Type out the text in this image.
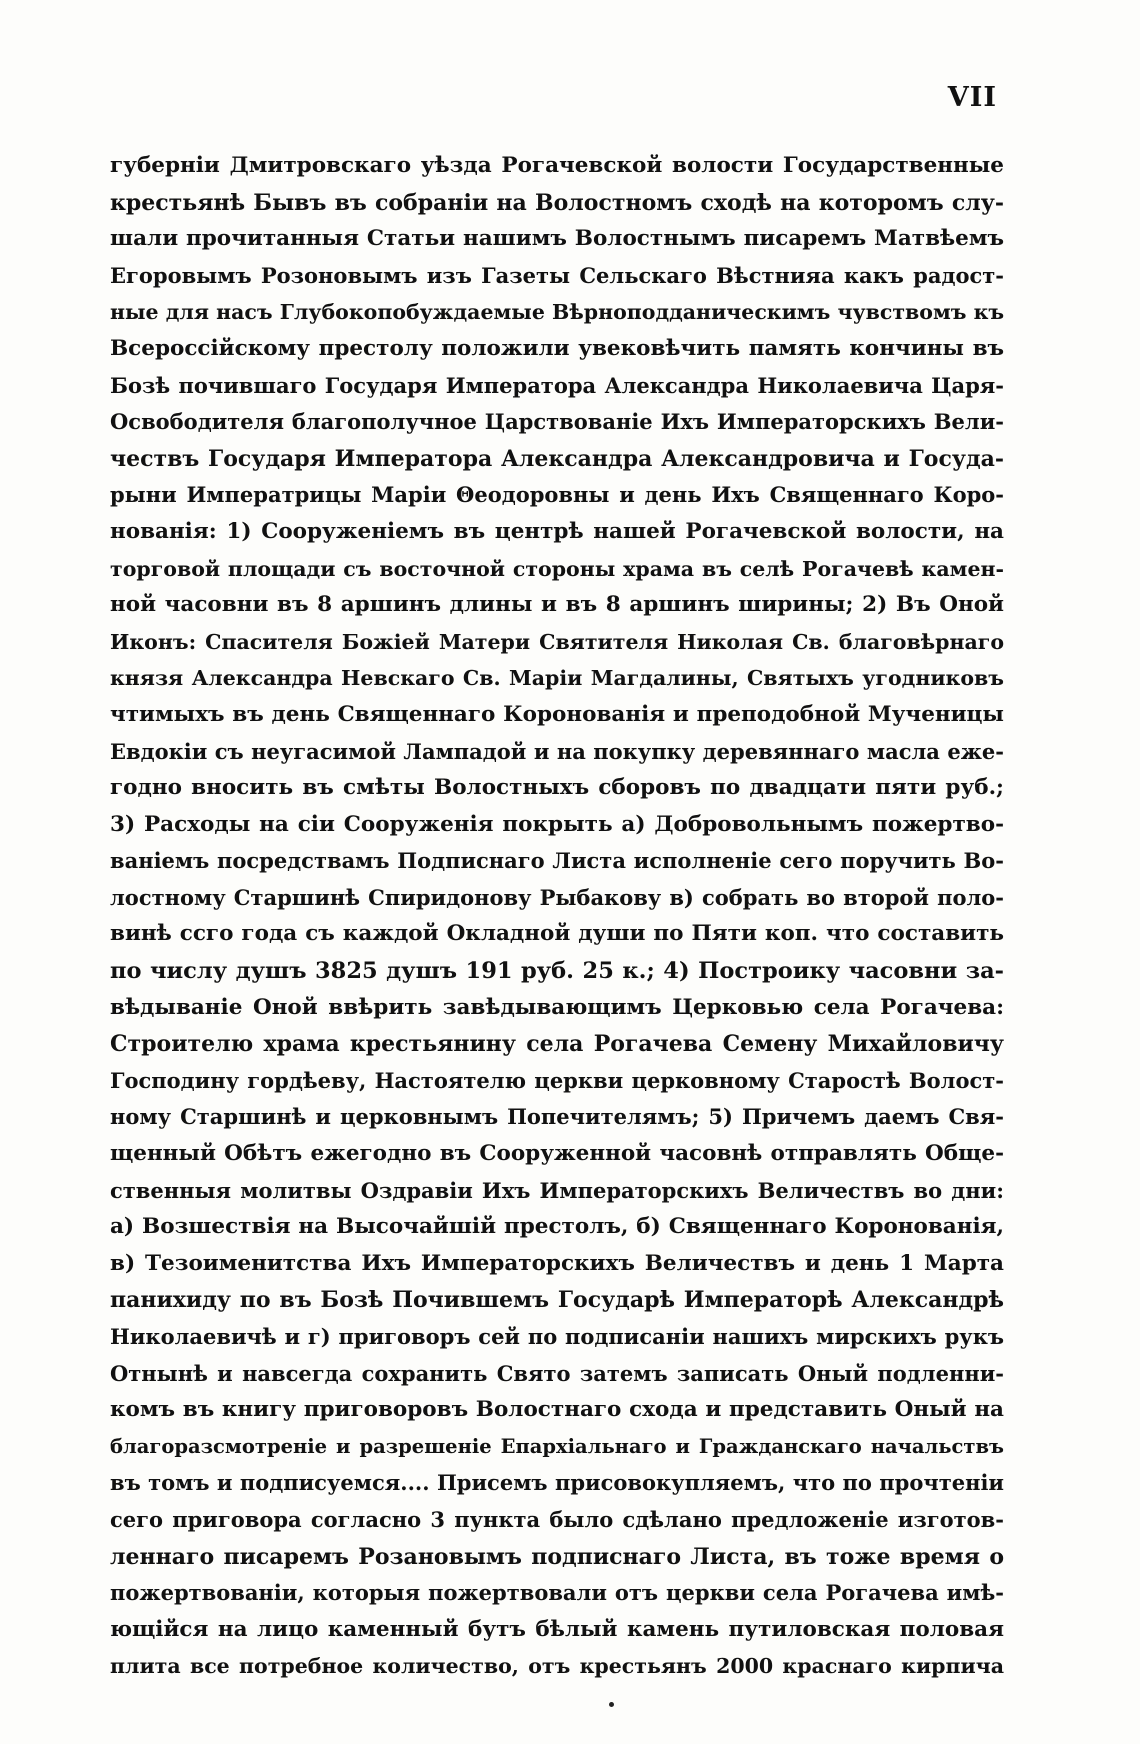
VII
губерніи Дмитровскаго уѣзда Рогачевской волости Государственные
крестьянѣ Бывъ въ собраніи на Волостномъ сходѣ на которомъ слу-
шали прочитанныя Статьи нашимъ Волостнымъ писаремъ Матвѣемъ
Егоровымъ Розоновымъ изъ Газеты Сельскаго Вѣстнияа какъ радост-
ные для насъ Глубокопобуждаемые Вѣрноподданическимъ чувствомъ къ
Всероссійскому престолу положили увековѣчить память кончины въ
Бозѣ почившаго Государя Императора Александра Николаевича Царя-
Освободителя благополучное Царствованіе Ихъ Императорскихъ Вели-
чествъ Государя Императора Александра Александровича и Госуда-
рыни Императрицы Маріи Θеодоровны и день Ихъ Священнаго Коро-
нованія: 1) Сооруженіемъ въ центрѣ нашей Рогачевской волости, на
торговой площади съ восточной стороны храма въ селѣ Рогачевѣ камен-
ной часовни въ 8 аршинъ длины и въ 8 аршинъ ширины; 2) Въ Оной
Иконъ: Спасителя Божіей Матери Святителя Николая Св. благовѣрнаго
князя Александра Невскаго Св. Маріи Магдалины, Святыхъ угодниковъ
чтимыхъ въ день Священнаго Коронованія и преподобной Мученицы
Евдокіи съ неугасимой Лампадой и на покупку деревяннаго масла еже-
годно вносить въ смѣты Волостныхъ сборовъ по двадцати пяти руб.;
3) Расходы на сіи Сооруженія покрыть а) Добровольнымъ пожертво-
ваніемъ посредствамъ Подписнаго Листа исполненіе сего поручить Во-
лостному Старшинѣ Спиридонову Рыбакову в) собрать во второй поло-
винѣ ссго года съ каждой Окладной души по Пяти коп. что составить
по числу душъ 3825 душъ 191 руб. 25 к.; 4) Построику часовни за-
вѣдываніе Оной ввѣрить завѣдывающимъ Церковью села Рогачева:
Строителю храма крестьянину села Рогачева Семену Михайловичу
Господину гордѣеву, Настоятелю церкви церковному Старостѣ Волост-
ному Старшинѣ и церковнымъ Попечителямъ; 5) Причемъ даемъ Свя-
щенный Обѣтъ ежегодно въ Сооруженной часовнѣ отправлять Обще-
ственныя молитвы Оздравіи Ихъ Императорскихъ Величествъ во дни:
а) Возшествія на Высочайшій престолъ, б) Священнаго Коронованія,
в) Тезоименитства Ихъ Императорскихъ Величествъ и день 1 Марта
панихиду по въ Бозѣ Почившемъ Государѣ Императорѣ Александрѣ
Николаевичѣ и г) приговоръ сей по подписаніи нашихъ мирскихъ рукъ
Отнынѣ и навсегда сохранить Свято затемъ записать Оный подленни-
комъ въ книгу приговоровъ Волостнаго схода и представить Оный на
благоразсмотреніе и разрешеніе Епархіальнаго и Гражданскаго начальствъ
въ томъ и подписуемся.... Присемъ присовокупляемъ, что по прочтеніи
сего приговора согласно 3 пункта было сдѣлано предложеніе изготов-
леннаго писаремъ Розановымъ подписнаго Листа, въ тоже время о
пожертвованіи, которыя пожертвовали отъ церкви села Рогачева имѣ-
ющійся на лицо каменный бутъ бѣлый камень путиловская половая
плита все потребное количество, отъ крестьянъ 2000 краснаго кирпича
